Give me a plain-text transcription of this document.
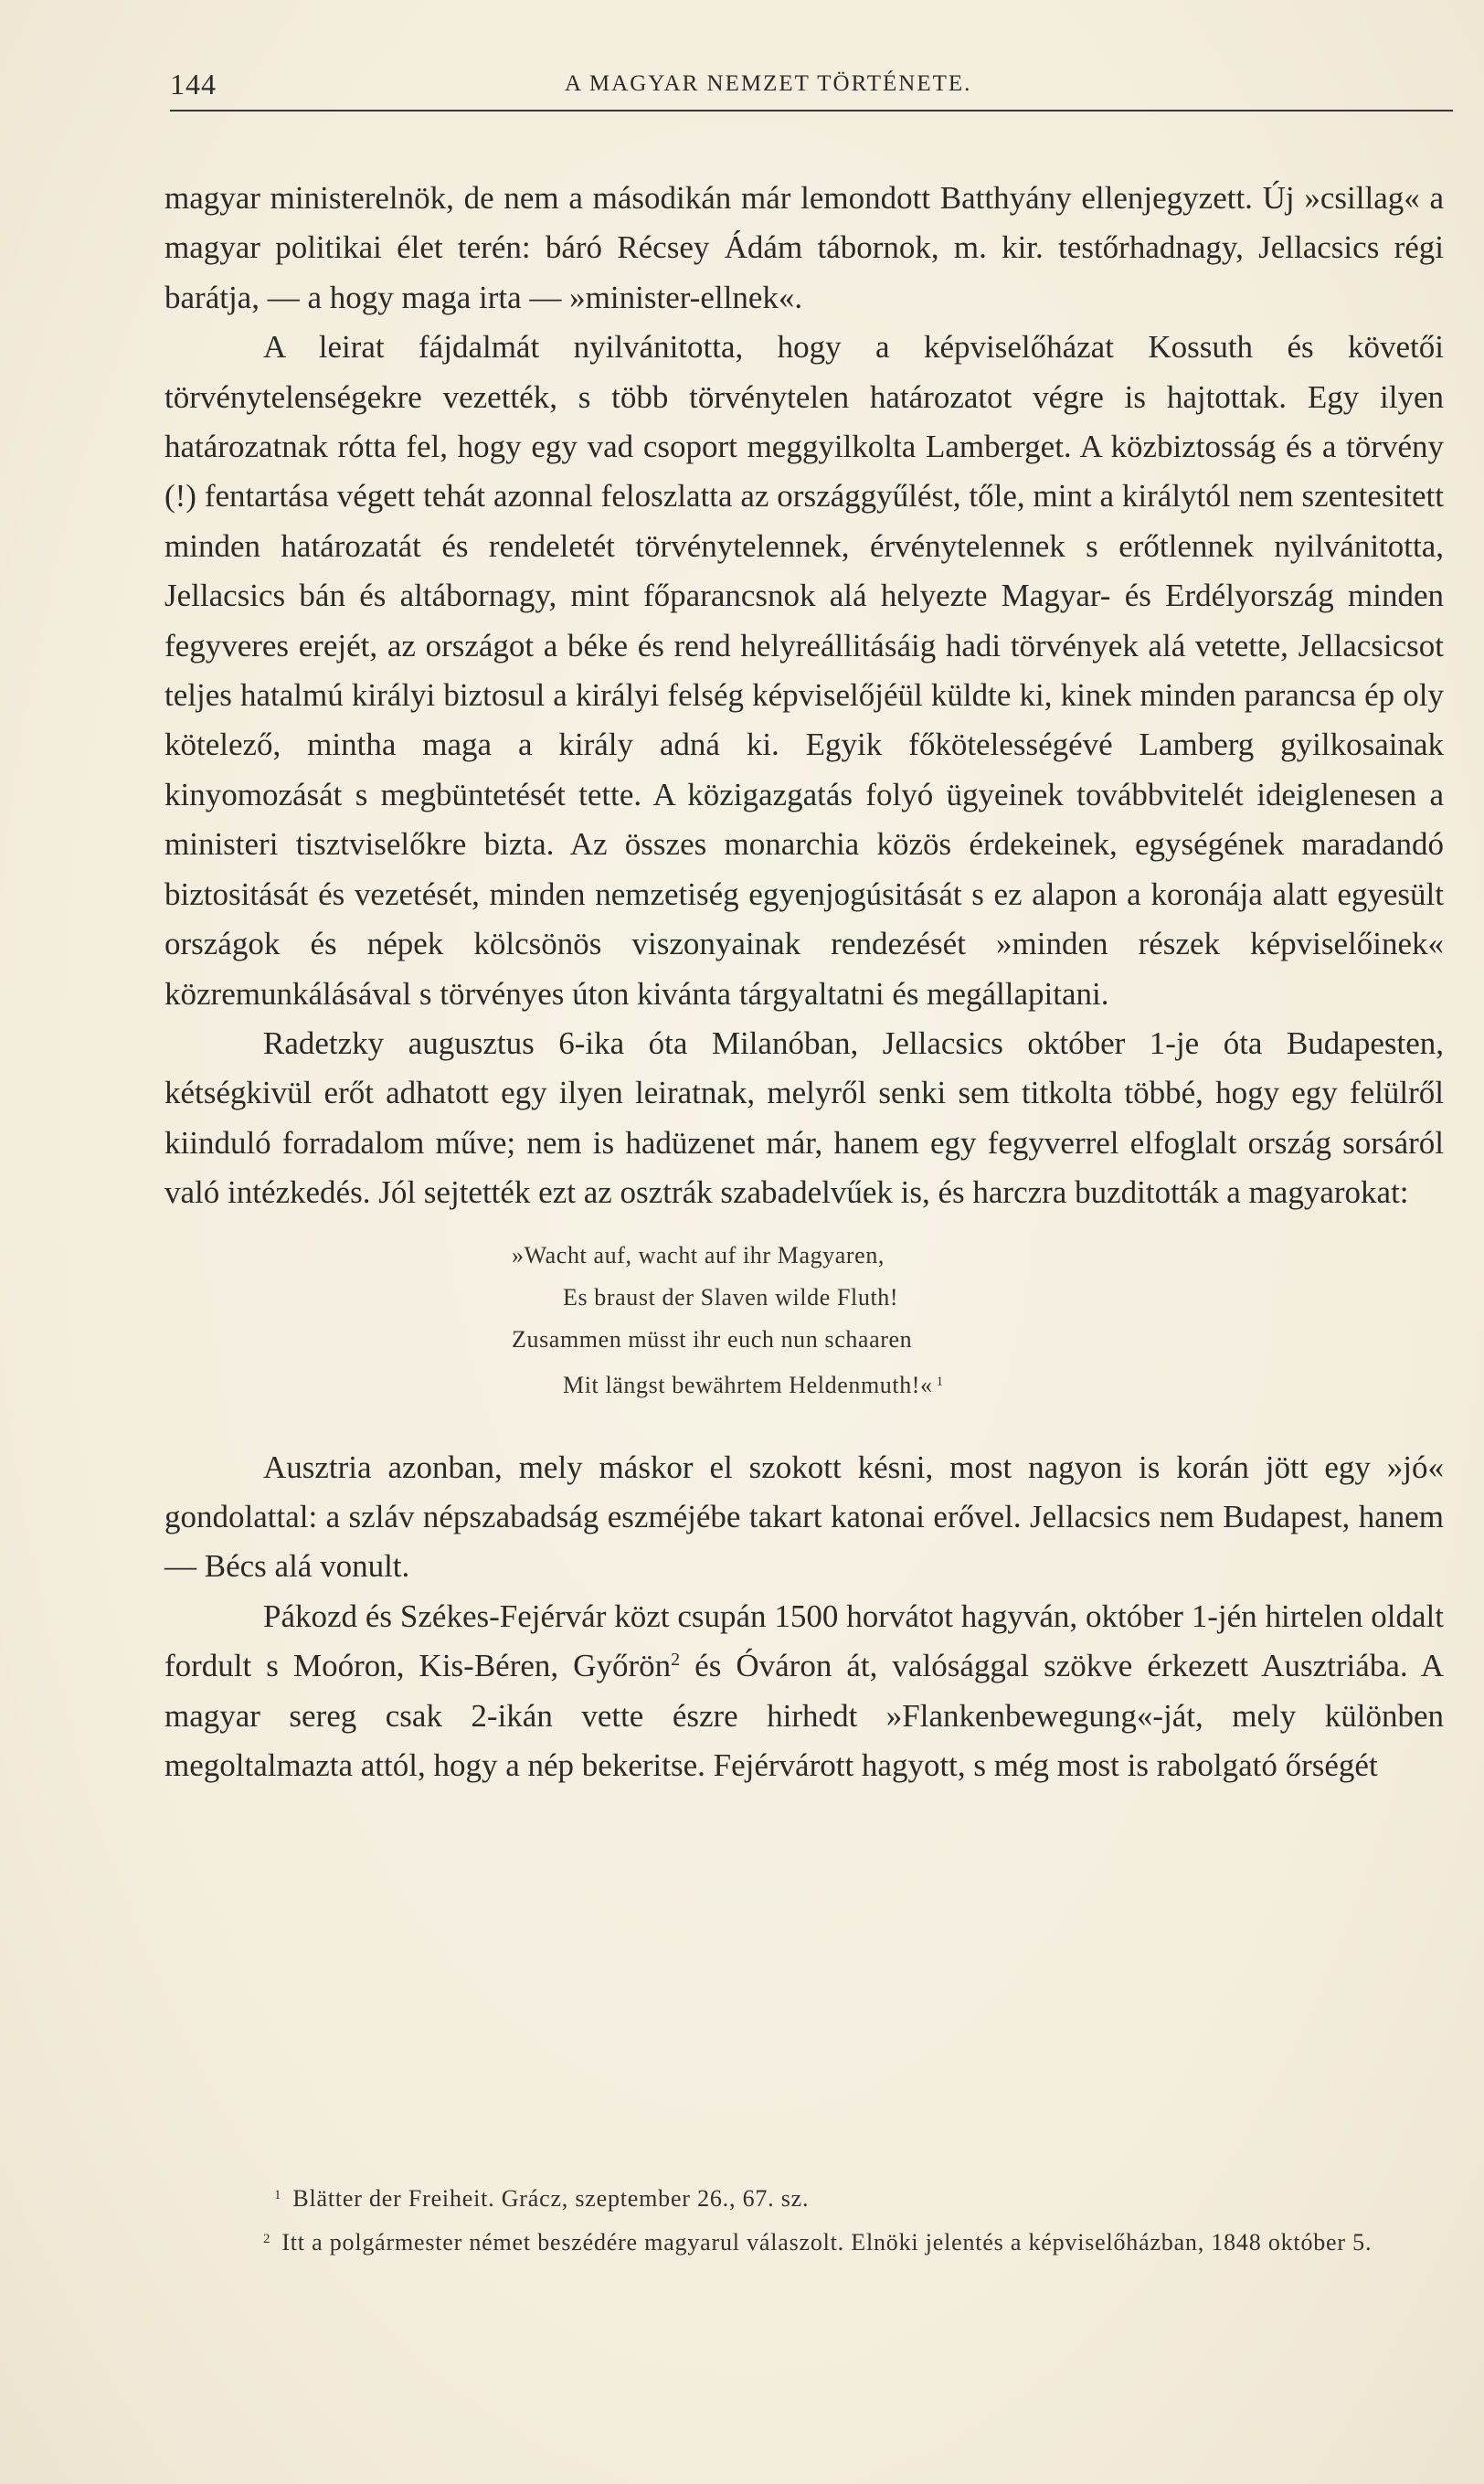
144	A MAGYAR NEMZET TÖRTÉNETE.

magyar ministerelnök, de nem a másodikán már lemondott Batthyány ellenjegyzett. Új »csillag« a magyar politikai élet terén: báró Récsey Ádám tábornok, m. kir. testőrhadnagy, Jellacsics régi barátja, — a hogy maga irta — »minister-ellnek«.

A leirat fájdalmát nyilvánitotta, hogy a képviselőházat Kossuth és követői törvénytelenségekre vezették, s több törvénytelen határozatot végre is hajtottak. Egy ilyen határozatnak rótta fel, hogy egy vad csoport meggyilkolta Lamberget. A közbiztosság és a törvény (!) fentartása végett tehát azonnal feloszlatta az országgyűlést, tőle, mint a királytól nem szentesitett minden határozatát és rendeletét törvénytelennek, érvénytelennek s erőtlennek nyilvánitotta, Jellacsics bán és altábornagy, mint főparancsnok alá helyezte Magyar- és Erdélyország minden fegyveres erejét, az országot a béke és rend helyreállitásáig hadi törvények alá vetette, Jellacsicsot teljes hatalmú királyi biztosul a királyi felség képviselőjéül küldte ki, kinek minden parancsa ép oly kötelező, mintha maga a király adná ki. Egyik főkötelességévé Lamberg gyilkosainak kinyomozását s megbüntetését tette. A közigazgatás folyó ügyeinek továbbvitelét ideiglenesen a ministeri tisztviselőkre bizta. Az összes monarchia közös érdekeinek, egységének maradandó biztositását és vezetését, minden nemzetiség egyenjogúsitását s ez alapon a koronája alatt egyesült országok és népek kölcsönös viszonyainak rendezését »minden részek képviselőinek« közremunkálásával s törvényes úton kivánta tárgyaltatni és megállapitani.

Radetzky augusztus 6-ika óta Milanóban, Jellacsics október 1-je óta Budapesten, kétségkivül erőt adhatott egy ilyen leiratnak, melyről senki sem titkolta többé, hogy egy felülről kiinduló forradalom műve; nem is hadüzenet már, hanem egy fegyverrel elfoglalt ország sorsáról való intézkedés. Jól sejtették ezt az osztrák szabadelvűek is, és harczra buzditották a magyarokat:

»Wacht auf, wacht auf ihr Magyaren,
Es braust der Slaven wilde Fluth!
Zusammen müsst ihr euch nun schaaren
Mit längst bewährtem Heldenmuth!« $^1$

Ausztria azonban, mely máskor el szokott késni, most nagyon is korán jött egy »jó« gondolattal: a szláv népszabadság eszméjébe takart katonai erővel. Jellacsics nem Budapest, hanem — Bécs alá vonult.

Pákozd és Székes-Fejérvár közt csupán 1500 horvátot hagyván, október 1-jén hirtelen oldalt fordult s Moóron, Kis-Béren, Győrön$^2$ és Óváron át, valósággal szökve érkezett Ausztriába. A magyar sereg csak 2-ikán vette észre hirhedt »Flankenbewegung«-ját, mely különben megoltalmazta attól, hogy a nép bekeritse. Fejérvárott hagyott, s még most is rabolgató őrségét

$^1$ Blätter der Freiheit. Grácz, szeptember 26., 67. sz.

$^2$ Itt a polgármester német beszédére magyarul válaszolt. Elnöki jelentés a képviselőházban, 1848 október 5.
